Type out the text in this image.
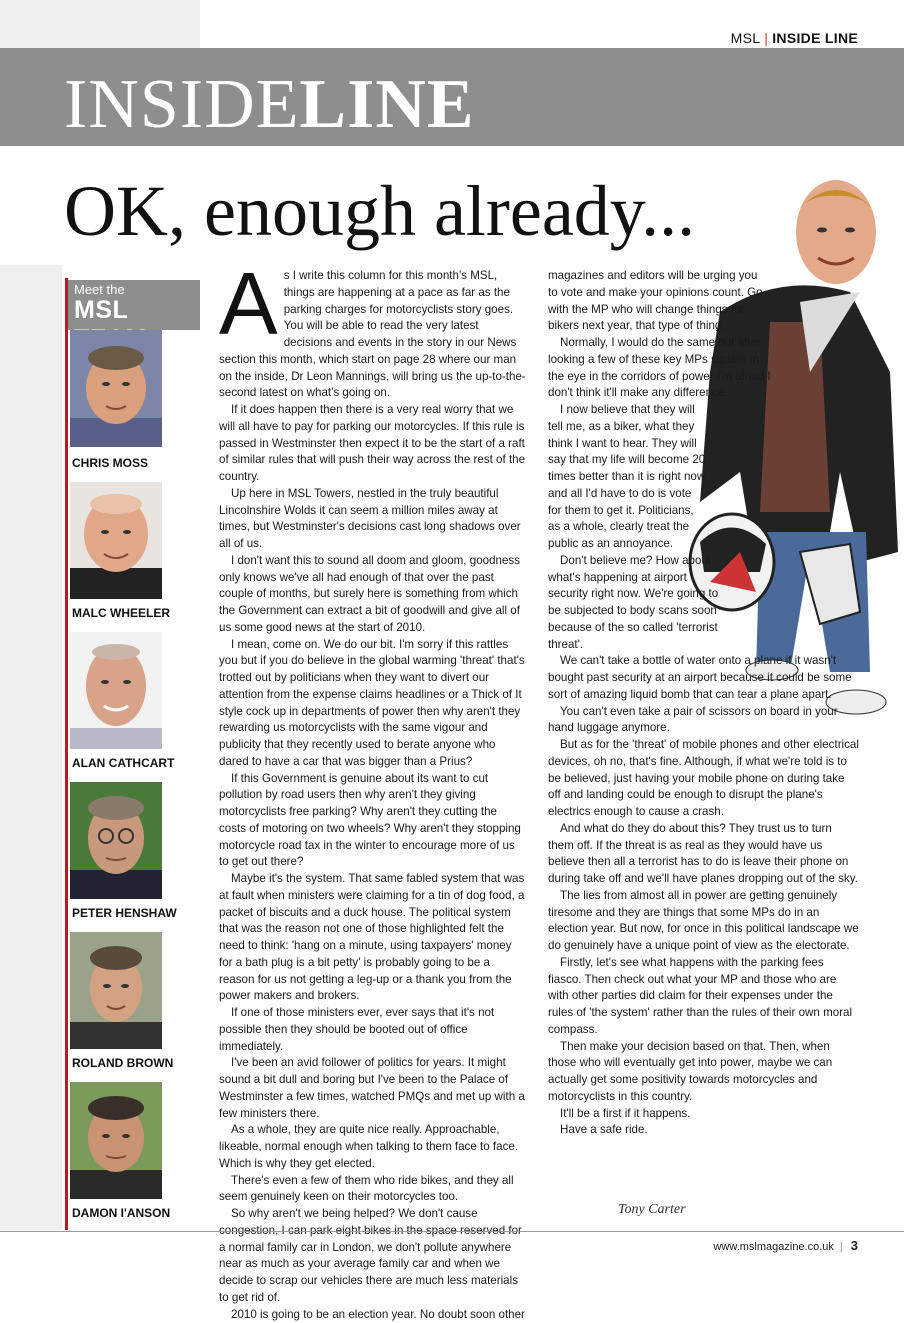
MSL | INSIDE LINE
INSIDELINE
OK, enough already...
Meet the
MSL
CHRIS MOSS
MALC WHEELER
ALAN CATHCART
PETER HENSHAW
ROLAND BROWN
DAMON I'ANSON
A s I write this column for this month's MSL, things are happening at a pace as far as the parking charges for motorcyclists story goes. You will be able to read the very latest decisions and events in the story in our News section this month, which start on page 28 where our man on the inside, Dr Leon Mannings, will bring us the up-to-the-second latest on what's going on.

If it does happen then there is a very real worry that we will all have to pay for parking our motorcycles. If this rule is passed in Westminster then expect it to be the start of a raft of similar rules that will push their way across the rest of the country.

Up here in MSL Towers, nestled in the truly beautiful Lincolnshire Wolds it can seem a million miles away at times, but Westminster's decisions cast long shadows over all of us.

I don't want this to sound all doom and gloom, goodness only knows we've all had enough of that over the past couple of months, but surely here is something from which the Government can extract a bit of goodwill and give all of us some good news at the start of 2010.

I mean, come on. We do our bit. I'm sorry if this rattles you but if you do believe in the global warming 'threat' that's trotted out by politicians when they want to divert our attention from the expense claims headlines or a Thick of It style cock up in departments of power then why aren't they rewarding us motorcyclists with the same vigour and publicity that they recently used to berate anyone who dared to have a car that was bigger than a Prius?

If this Government is genuine about its want to cut pollution by road users then why aren't they giving motorcyclists free parking? Why aren't they cutting the costs of motoring on two wheels? Why aren't they stopping motorcycle road tax in the winter to encourage more of us to get out there?

Maybe it's the system. That same fabled system that was at fault when ministers were claiming for a tin of dog food, a packet of biscuits and a duck house. The political system that was the reason not one of those highlighted felt the need to think: 'hang on a minute, using taxpayers' money for a bath plug is a bit petty' is probably going to be a reason for us not getting a leg-up or a thank you from the power makers and brokers.

If one of those ministers ever, ever says that it's not possible then they should be booted out of office immediately.

I've been an avid follower of politics for years. It might sound a bit dull and boring but I've been to the Palace of Westminster a few times, watched PMQs and met up with a few ministers there.

As a whole, they are quite nice really. Approachable, likeable, normal enough when talking to them face to face. Which is why they get elected.

There's even a few of them who ride bikes, and they all seem genuinely keen on their motorcycles too.

So why aren't we being helped? We don't cause a normal family car in London, we don't pollute anywhere near as much as your average family car and when we decide to scrap our vehicles there are much less materials to get rid of.

2010 is going to be an election year. No doubt soon other

magazines and editors will be urging you to vote and make your opinions count. Go with the MP who will change things for bikers next year, that type of thing.

Normally, I would do the same but after looking a few of these key MPs square in the eye in the corridors of power I'm afraid I don't think it'll make any difference.

I now believe that they will tell me, as a biker, what they think I want to hear. They will say that my life will become 20 times better than it is right now and all I'd have to do is vote for them to get it. Politicians, as a whole, clearly treat the public as an annoyance.

Don't believe me? How about what's happening at airport security right now. We're going to be subjected to body scans soon because of the so called 'terrorist threat'.

We can't take a bottle of water onto a plane if it wasn't bought past security at an airport because it could be some sort of amazing liquid bomb that can tear a plane apart.

You can't even take a pair of scissors on board in your hand luggage anymore.

But as for the 'threat' of mobile phones and other electrical devices, oh no, that's fine. Although, if what we're told is to be believed, just having your mobile phone on during take off and landing could be enough to disrupt the plane's electrics enough to cause a crash.

And what do they do about this? They trust us to turn them off. If the threat is as real as they would have us believe then all a terrorist has to do is leave their phone on during take off and we'll have planes dropping out of the sky.

The lies from almost all in power are getting genuinely tiresome and they are things that some MPs do in an election year. But now, for once in this political landscape we do genuinely have a unique point of view as the electorate.

Firstly, let's see what happens with the parking fees fiasco. Then check out what your MP and those who are with other parties did claim for their expenses under the rules of 'the system' rather than the rules of their own moral compass.

Then make your decision based on that. Then, when those who will eventually get into power, maybe we can actually get some positivity towards motorcycles and motorcyclists in this country.

It'll be a first if it happens.

Have a safe ride.

Tony Carter
www.mslmagazine.co.uk | 3
